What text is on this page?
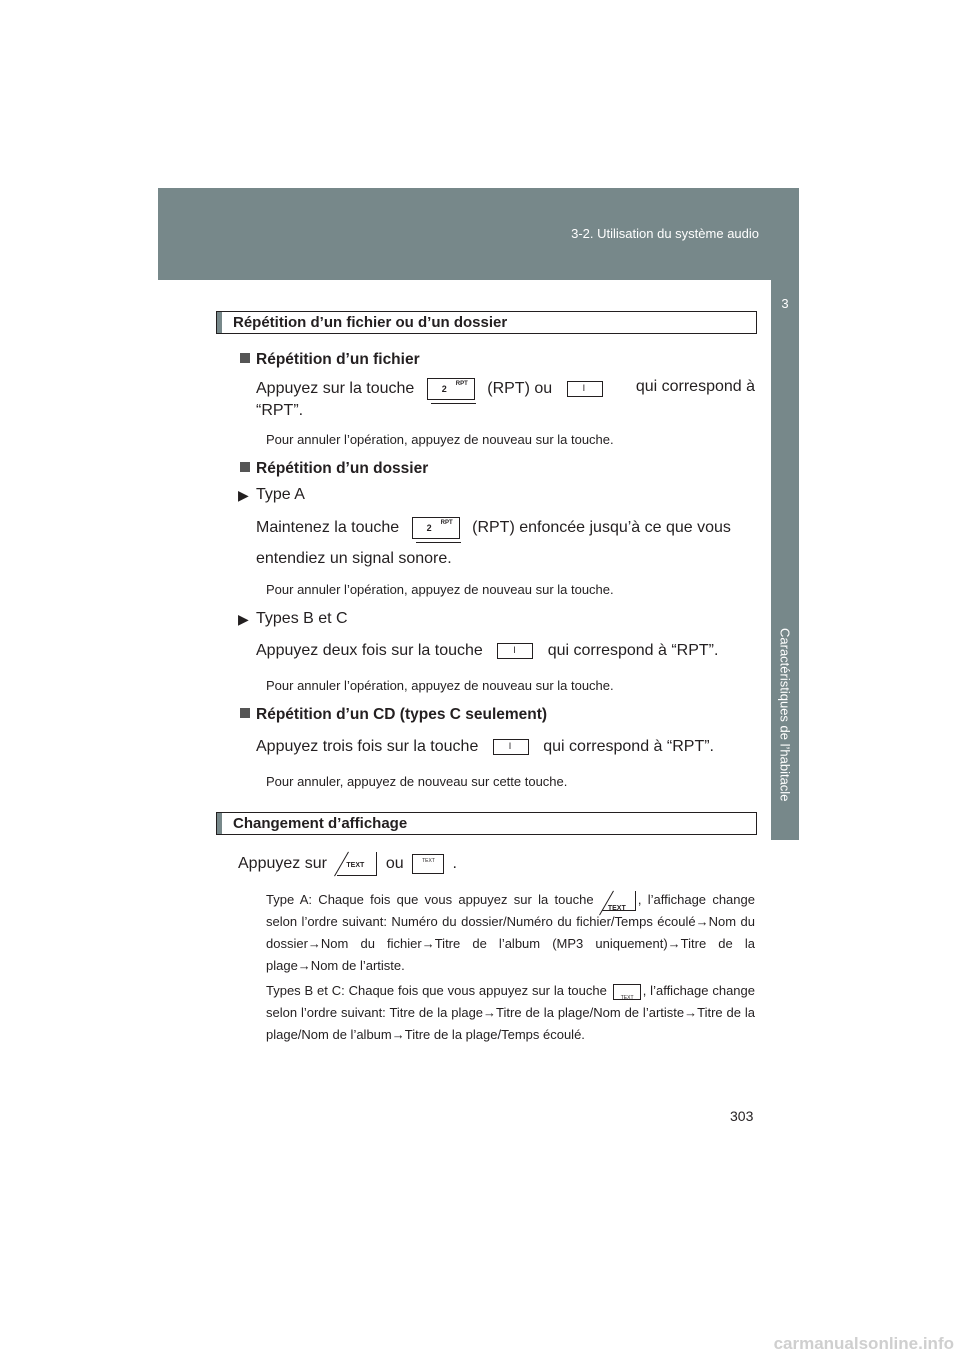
3-2. Utilisation du système audio
3
Caractéristiques de l’habitacle
Répétition d’un fichier ou d’un dossier
Répétition d’un fichier
Appuyez sur la touche	2 RPT (RPT) ou	I	qui correspond à
“RPT”.
Pour annuler l’opération, appuyez de nouveau sur la touche.
Répétition d’un dossier
▶ Type A
Maintenez la touche	2 RPT (RPT) enfoncée jusqu’à ce que vous
entendiez un signal sonore.
Pour annuler l’opération, appuyez de nouveau sur la touche.
▶ Types B et C
Appuyez deux fois sur la touche	I qui correspond à “RPT”.
Pour annuler l’opération, appuyez de nouveau sur la touche.
Répétition d’un CD (types C seulement)
Appuyez trois fois sur la touche	I qui correspond à “RPT”.
Pour annuler, appuyez de nouveau sur cette touche.
Changement d’affichage
Appuyez sur	TEXT ou	TEXT .
Type A: Chaque fois que vous appuyez sur la touche
TEXT
, l’affichage change selon l’ordre suivant: Numéro du dossier/Numéro du fichier/Temps écoulé→Nom du dossier→Nom du fichier→Titre de l’album (MP3 uniquement)→Titre de la plage→Nom de l’artiste.
Types B et C: Chaque fois que vous appuyez sur la touche	TEXT , l’affichage change selon l’ordre suivant: Titre de la plage→Titre de la plage/Nom de l’artiste→Titre de la plage/Nom de l’album→Titre de la plage/Temps écoulé.
303
carmanualsonline.info
